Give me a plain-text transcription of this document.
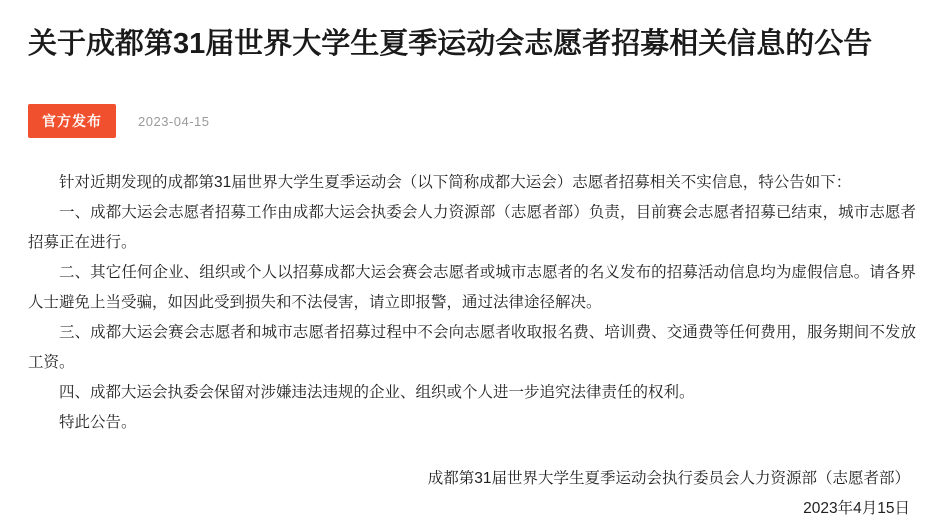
关于成都第31届世界大学生夏季运动会志愿者招募相关信息的公告
官方发布	2023-04-15

针对近期发现的成都第31届世界大学生夏季运动会（以下简称成都大运会）志愿者招募相关不实信息，特公告如下：

一、成都大运会志愿者招募工作由成都大运会执委会人力资源部（志愿者部）负责，目前赛会志愿者招募已结束，城市志愿者招募正在进行。

二、其它任何企业、组织或个人以招募成都大运会赛会志愿者或城市志愿者的名义发布的招募活动信息均为虚假信息。请各界人士避免上当受骗，如因此受到损失和不法侵害，请立即报警，通过法律途径解决。

三、成都大运会赛会志愿者和城市志愿者招募过程中不会向志愿者收取报名费、培训费、交通费等任何费用，服务期间不发放工资。

四、成都大运会执委会保留对涉嫌违法违规的企业、组织或个人进一步追究法律责任的权利。

特此公告。

成都第31届世界大学生夏季运动会执行委员会人力资源部（志愿者部）
2023年4月15日
